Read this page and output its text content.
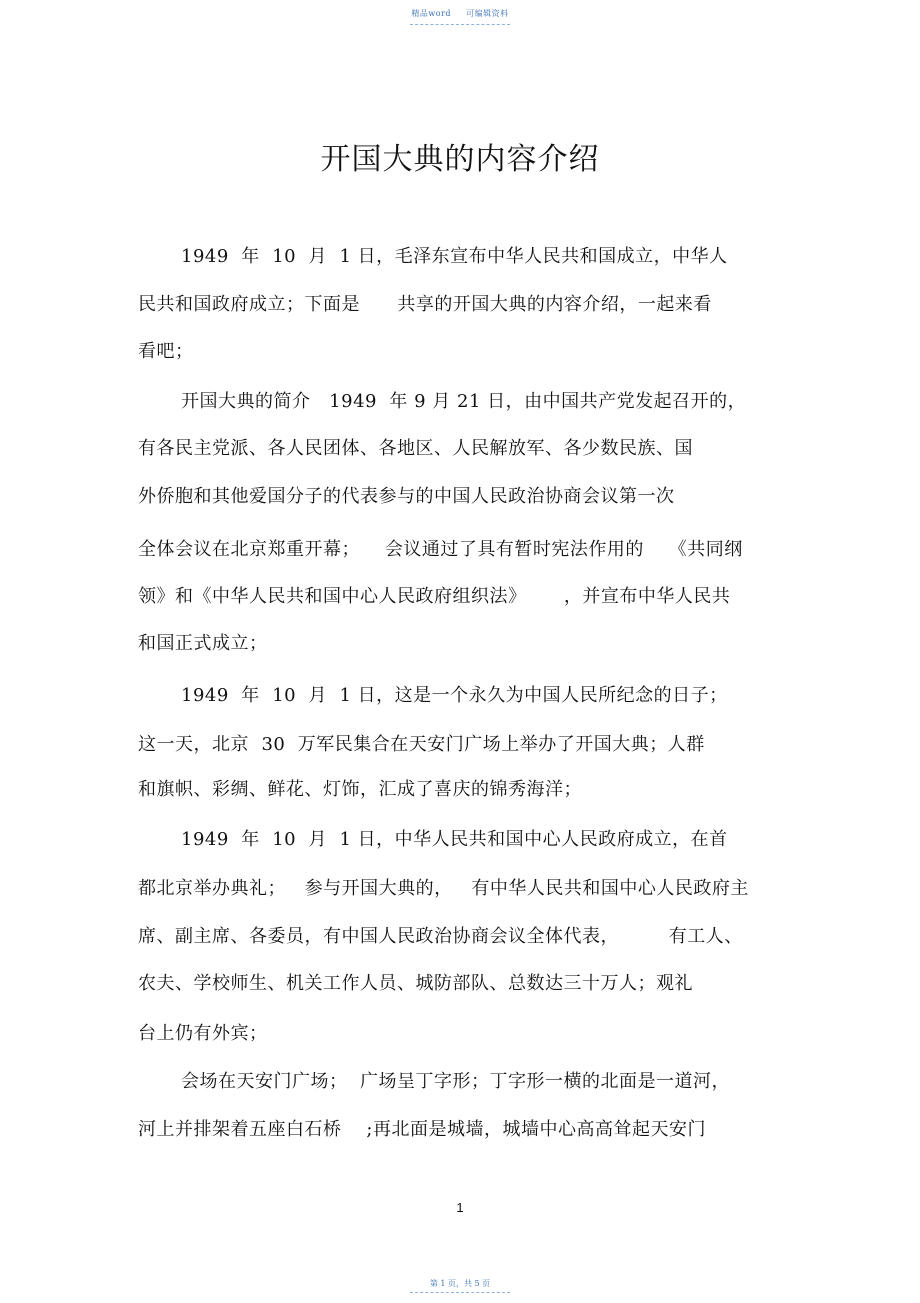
精品word 可编辑资料
开国大典的内容介绍
1949  年  10  月  1 日，毛泽东宣布中华人民共和国成立，中华人
民共和国政府成立；下面是      共享的开国大典的内容介绍，一起来看
看吧；
开国大典的简介   1949  年 9 月 21 日，由中国共产党发起召开的，
有各民主党派、各人民团体、各地区、人民解放军、各少数民族、国
外侨胞和其他爱国分子的代表参与的中国人民政治协商会议第一次
全体会议在北京郑重开幕；    会议通过了具有暂时宪法作用的    《共同纲
领》和《中华人民共和国中心人民政府组织法》      ，并宣布中华人民共
和国正式成立；
1949  年  10  月  1 日，这是一个永久为中国人民所纪念的日子；
这一天，北京  30  万军民集合在天安门广场上举办了开国大典；人群
和旗帜、彩绸、鲜花、灯饰，汇成了喜庆的锦秀海洋；
1949  年  10  月  1 日，中华人民共和国中心人民政府成立，在首
都北京举办典礼；   参与开国大典的，   有中华人民共和国中心人民政府主
席、副主席、各委员，有中国人民政治协商会议全体代表，        有工人、
农夫、学校师生、机关工作人员、城防部队、总数达三十万人；观礼
台上仍有外宾；
会场在天安门广场；  广场呈丁字形；丁字形一横的北面是一道河，
河上并排架着五座白石桥    ;再北面是城墙，城墙中心高高耸起天安门
1
第 1 页，共 5 页
